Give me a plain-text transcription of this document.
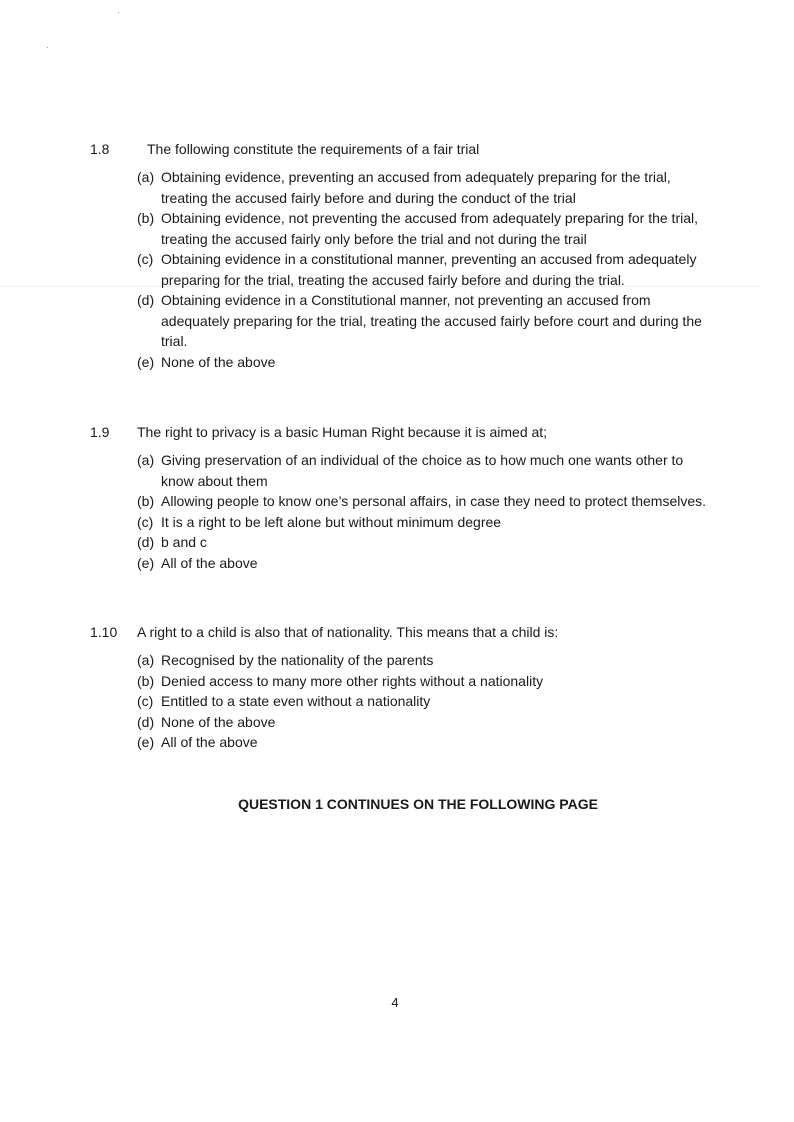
1.8	The following constitute the requirements of a fair trial
(a) Obtaining evidence, preventing an accused from adequately preparing for the trial, treating the accused fairly before and during the conduct of the trial
(b) Obtaining evidence, not preventing the accused from adequately preparing for the trial, treating the accused fairly only before the trial and not during the trail
(c) Obtaining evidence in a constitutional manner, preventing an accused from adequately preparing for the trial, treating the accused fairly before and during the trial.
(d) Obtaining evidence in a Constitutional manner, not preventing an accused from adequately preparing for the trial, treating the accused fairly before court and during the trial.
(e) None of the above
1.9	The right to privacy is a basic Human Right because it is aimed at;
(a) Giving preservation of an individual of the choice as to how much one wants other to know about them
(b) Allowing people to know one’s personal affairs, in case they need to protect themselves.
(c) It is a right to be left alone but without minimum degree
(d) b and c
(e) All of the above
1.10	A right to a child is also that of nationality. This means that a child is:
(a) Recognised by the nationality of the parents
(b) Denied access to many more other rights without a nationality
(c) Entitled to a state even without a nationality
(d) None of the above
(e) All of the above
QUESTION 1 CONTINUES ON THE FOLLOWING PAGE
4
